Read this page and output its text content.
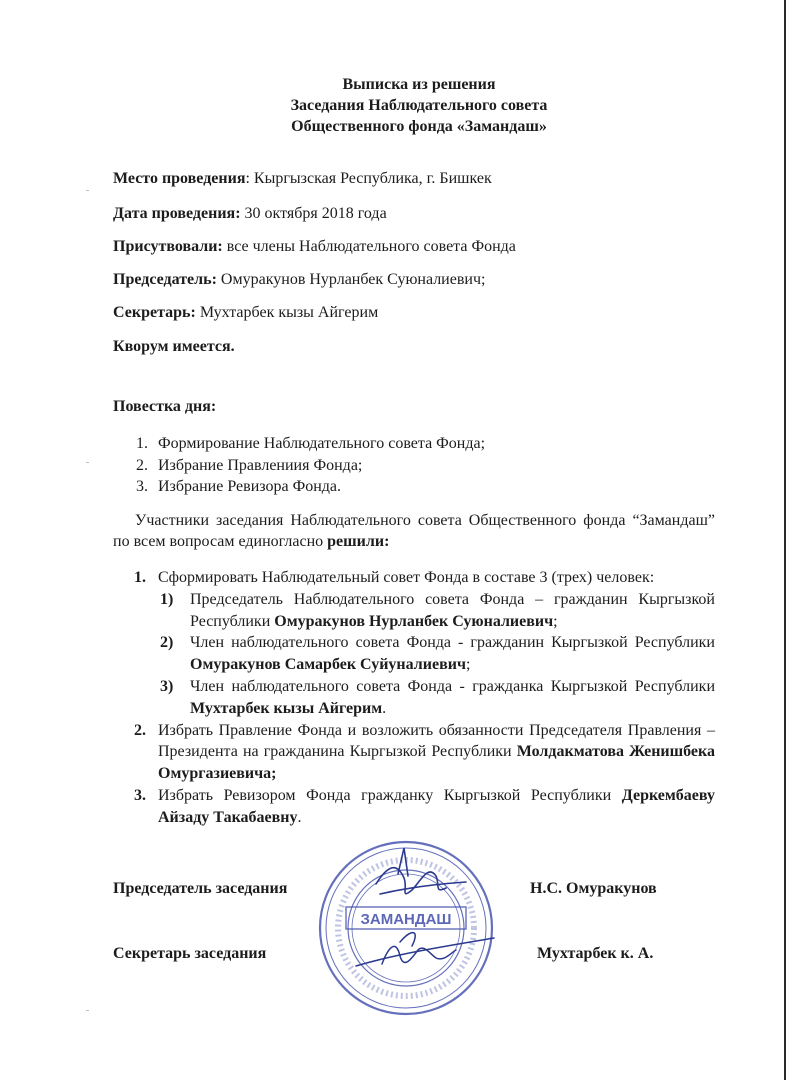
Выписка из решения
Заседания Наблюдательного совета
Общественного фонда «Замандаш»
Место проведения: Кыргызская Республика, г. Бишкек
Дата проведения: 30 октября 2018 года
Присутвовали: все члены Наблюдательного совета Фонда
Председатель: Омуракунов Нурланбек Суюналиевич;
Секретарь: Мухтарбек кызы Айгерим
Кворум имеется.
Повестка дня:
1. Формирование Наблюдательного совета Фонда;
2. Избрание Правлениия Фонда;
3. Избрание Ревизора Фонда.
Участники заседания Наблюдательного совета Общественного фонда “Замандаш” по всем вопросам единогласно решили:
1. Сформировать Наблюдательный совет Фонда в составе 3 (трех) человек:
1) Председатель Наблюдательного совета Фонда – гражданин Кыргызкой Республики Омуракунов Нурланбек Суюналиевич;
2) Член наблюдательного совета Фонда - гражданин Кыргызкой Республики Омуракунов Самарбек Суйуналиевич;
3) Член наблюдательного совета Фонда - гражданка Кыргызкой Республики Мухтарбек кызы Айгерим.
2. Избрать Правление Фонда и возложить обязанности Председателя Правления – Президента на гражданина Кыргызкой Республики Молдакматова Женишбека Омургазиевича;
3. Избрать Ревизором Фонда гражданку Кыргызкой Республики Деркембаеву Айзаду Такабаевну.
Председатель заседания	Н.С. Омуракунов
Секретарь заседания	Мухтарбек к. А.
ЗАМАНДАШ
